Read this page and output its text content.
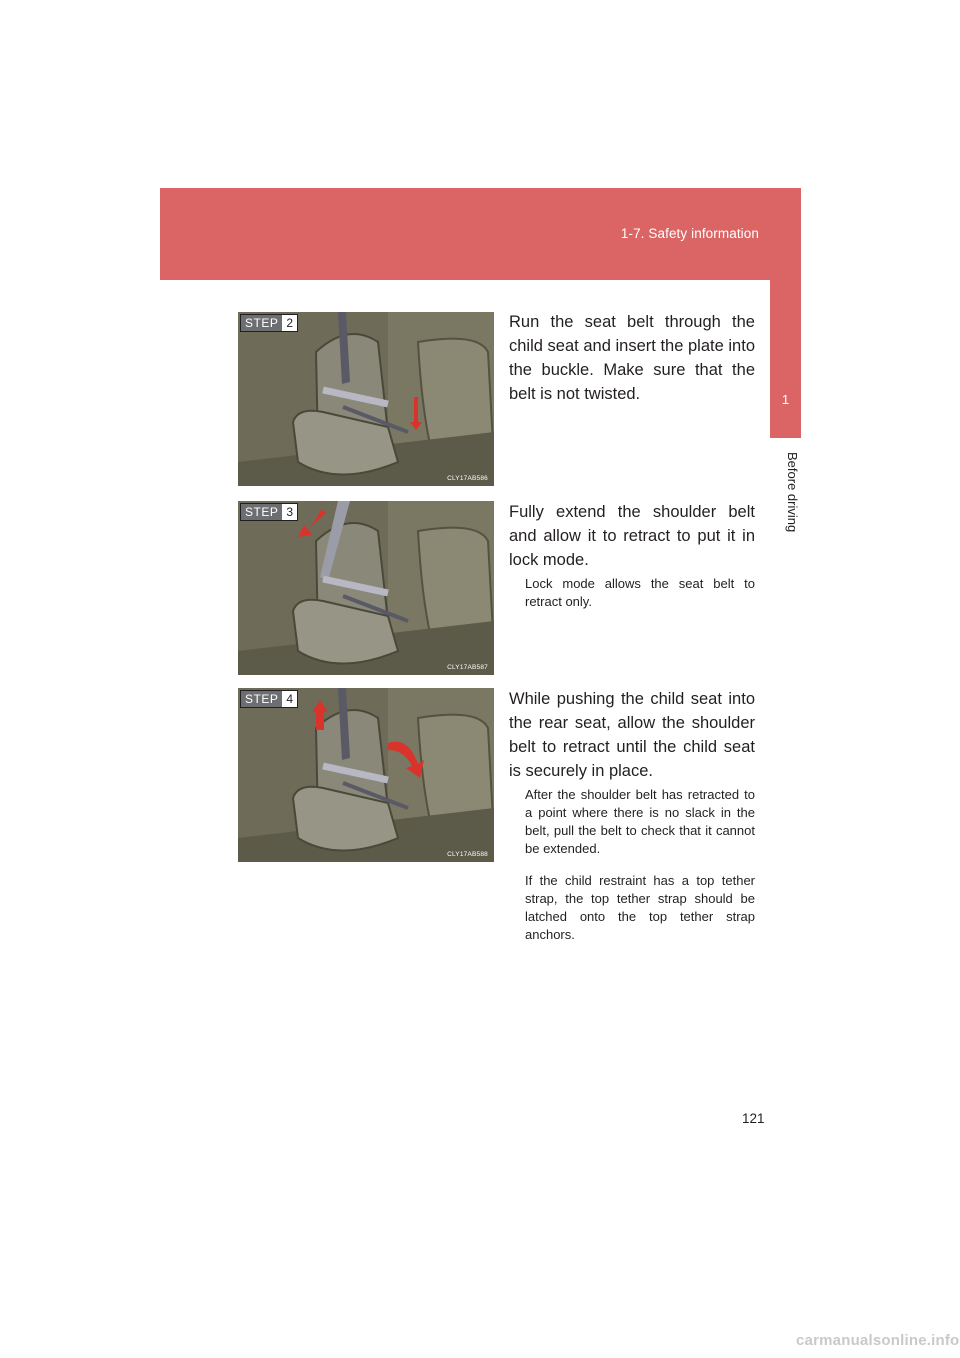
1-7. Safety information
1
Before driving
STEP 2
CLY17AB586
Run the seat belt through the child seat and insert the plate into the buckle. Make sure that the belt is not twisted.
STEP 3
CLY17AB587
Fully extend the shoulder belt and allow it to retract to put it in lock mode.
Lock mode allows the seat belt to retract only.
STEP 4
CLY17AB588
While pushing the child seat into the rear seat, allow the shoulder belt to retract until the child seat is securely in place.
After the shoulder belt has retracted to a point where there is no slack in the belt, pull the belt to check that it cannot be extended.
If the child restraint has a top tether strap, the top tether strap should be latched onto the top tether strap anchors.
121
carmanualsonline.info
